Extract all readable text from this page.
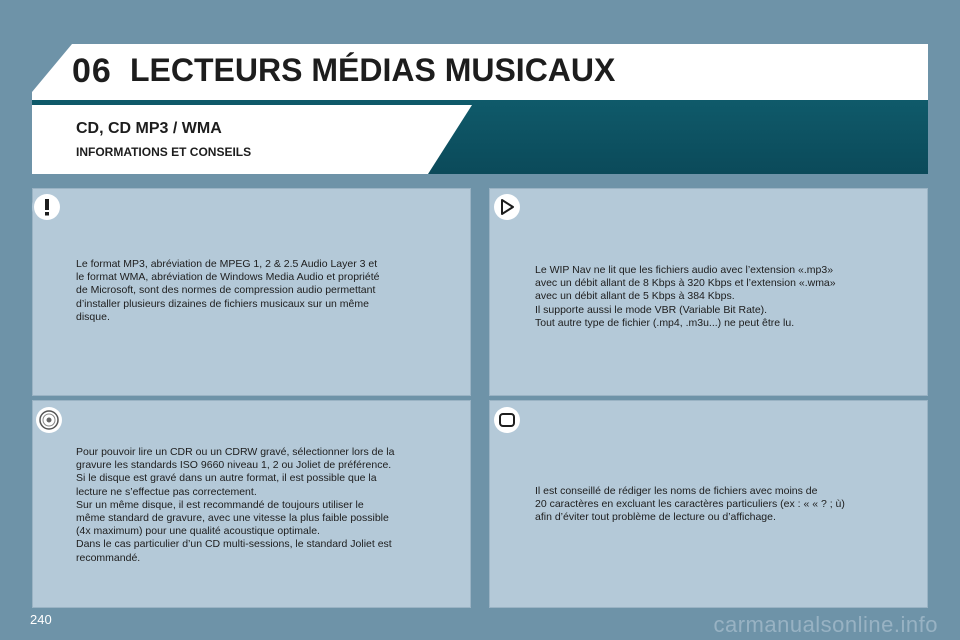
06 LECTEURS MÉDIAS MUSICAUX
CD, CD MP3 / WMA
INFORMATIONS ET CONSEILS
Le format MP3, abréviation de MPEG 1, 2 & 2.5 Audio Layer 3 et
le format WMA, abréviation de Windows Media Audio et propriété
de Microsoft, sont des normes de compression audio permettant
d’installer plusieurs dizaines de fichiers musicaux sur un même
disque.
Le WIP Nav ne lit que les fichiers audio avec l’extension «.mp3»
avec un débit allant de 8 Kbps à 320 Kbps et l’extension «.wma»
avec un débit allant de 5 Kbps à 384 Kbps.
Il supporte aussi le mode VBR (Variable Bit Rate).
Tout autre type de fichier (.mp4, .m3u...) ne peut être lu.
Pour pouvoir lire un CDR ou un CDRW gravé, sélectionner lors de la
gravure les standards ISO 9660 niveau 1, 2 ou Joliet de préférence.
Si le disque est gravé dans un autre format, il est possible que la
lecture ne s’effectue pas correctement.
Sur un même disque, il est recommandé de toujours utiliser le
même standard de gravure, avec une vitesse la plus faible possible
(4x maximum) pour une qualité acoustique optimale.
Dans le cas particulier d’un CD multi-sessions, le standard Joliet est
recommandé.
Il est conseillé de rédiger les noms de fichiers avec moins de
20 caractères en excluant les caractères particuliers (ex : « « ? ; ù)
afin d’éviter tout problème de lecture ou d’affichage.
240	carmanualsonline.info
